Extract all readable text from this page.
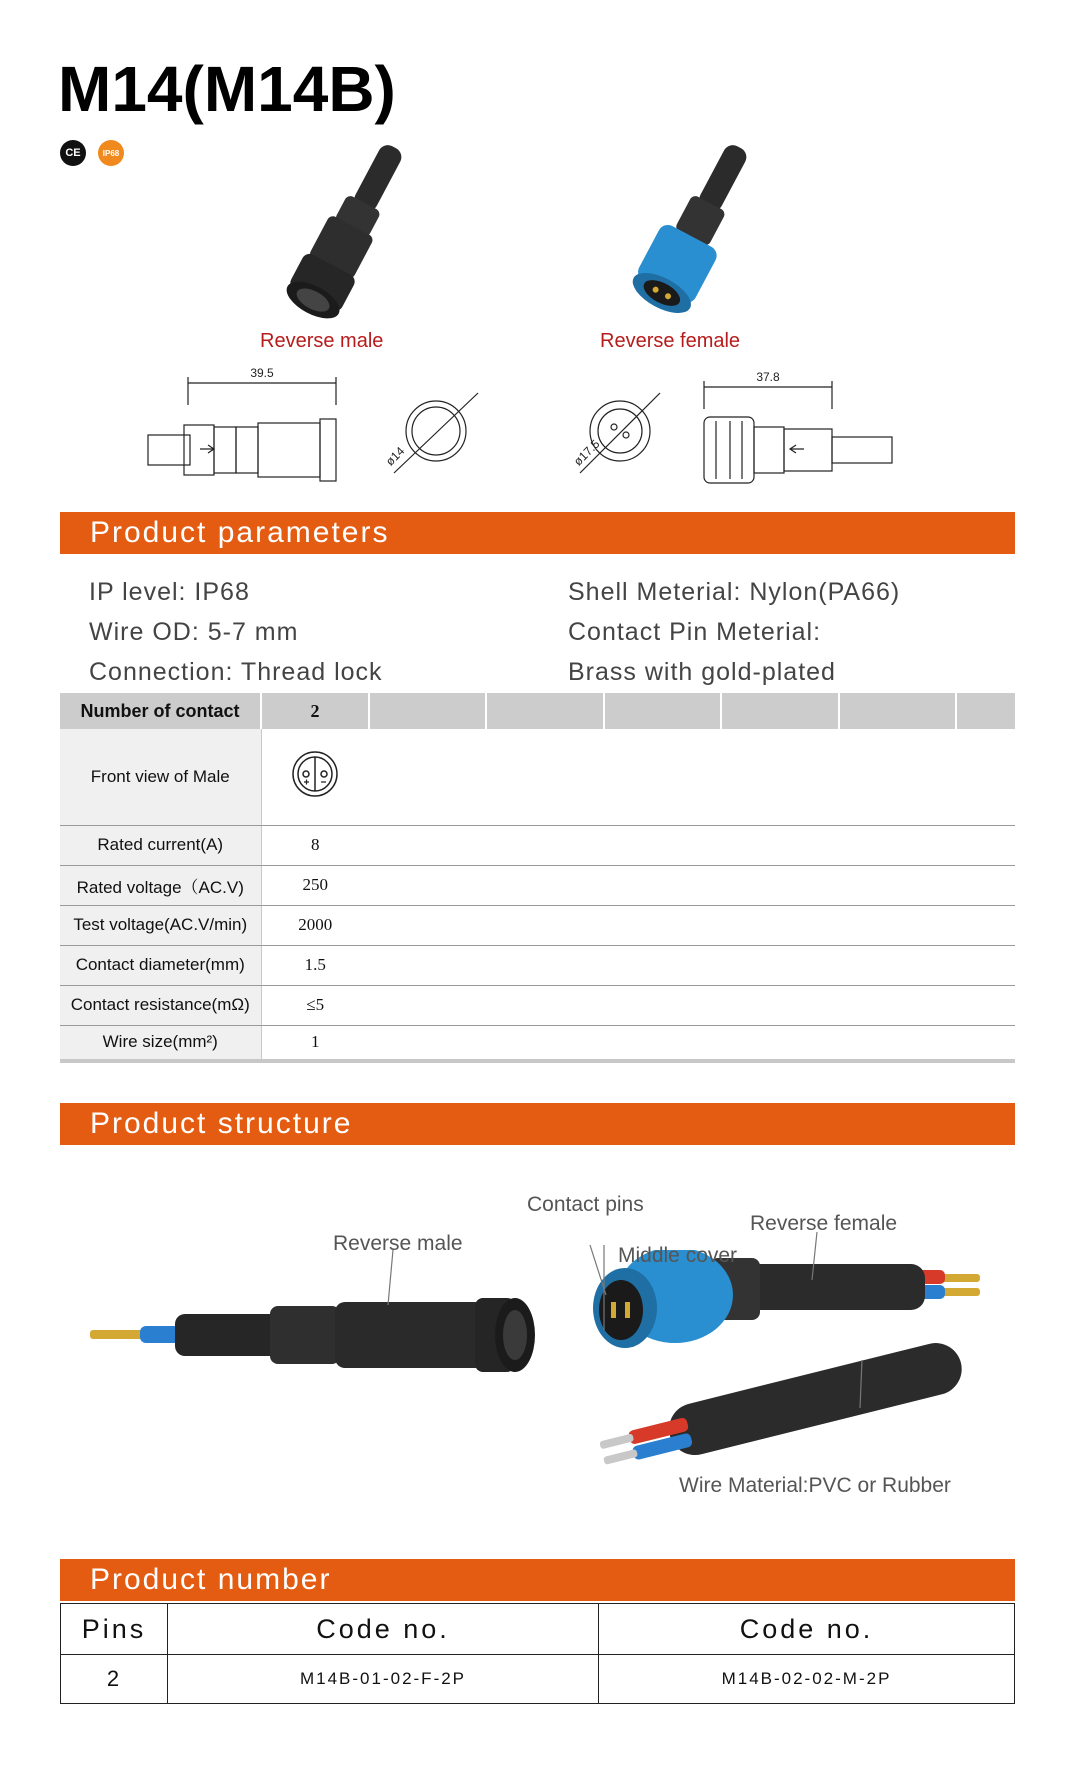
M14(M14B)
CE	IP68
Reverse male	Reverse female
39.5
ø14
37.8
ø17.5
Product parameters
IP level: IP68
Wire OD: 5-7 mm
Connection: Thread lock
Shell Meterial: Nylon(PA66)
Contact Pin Meterial:
Brass with gold-plated
Number of contact	2						
Front view of Male		
Rated current(A)	8						
Rated voltage（AC.V)	250						
Test voltage(AC.V/min)	2000						
Contact diameter(mm)	1.5						
Contact resistance(mΩ)	≤5						
Wire size(mm²)	1						
Product structure
Reverse male
Contact pins
Middle cover
Reverse female
Wire Material:PVC or Rubber
Product number
Pins	Code no.	Code no.
2	M14B-01-02-F-2P	M14B-02-02-M-2P
